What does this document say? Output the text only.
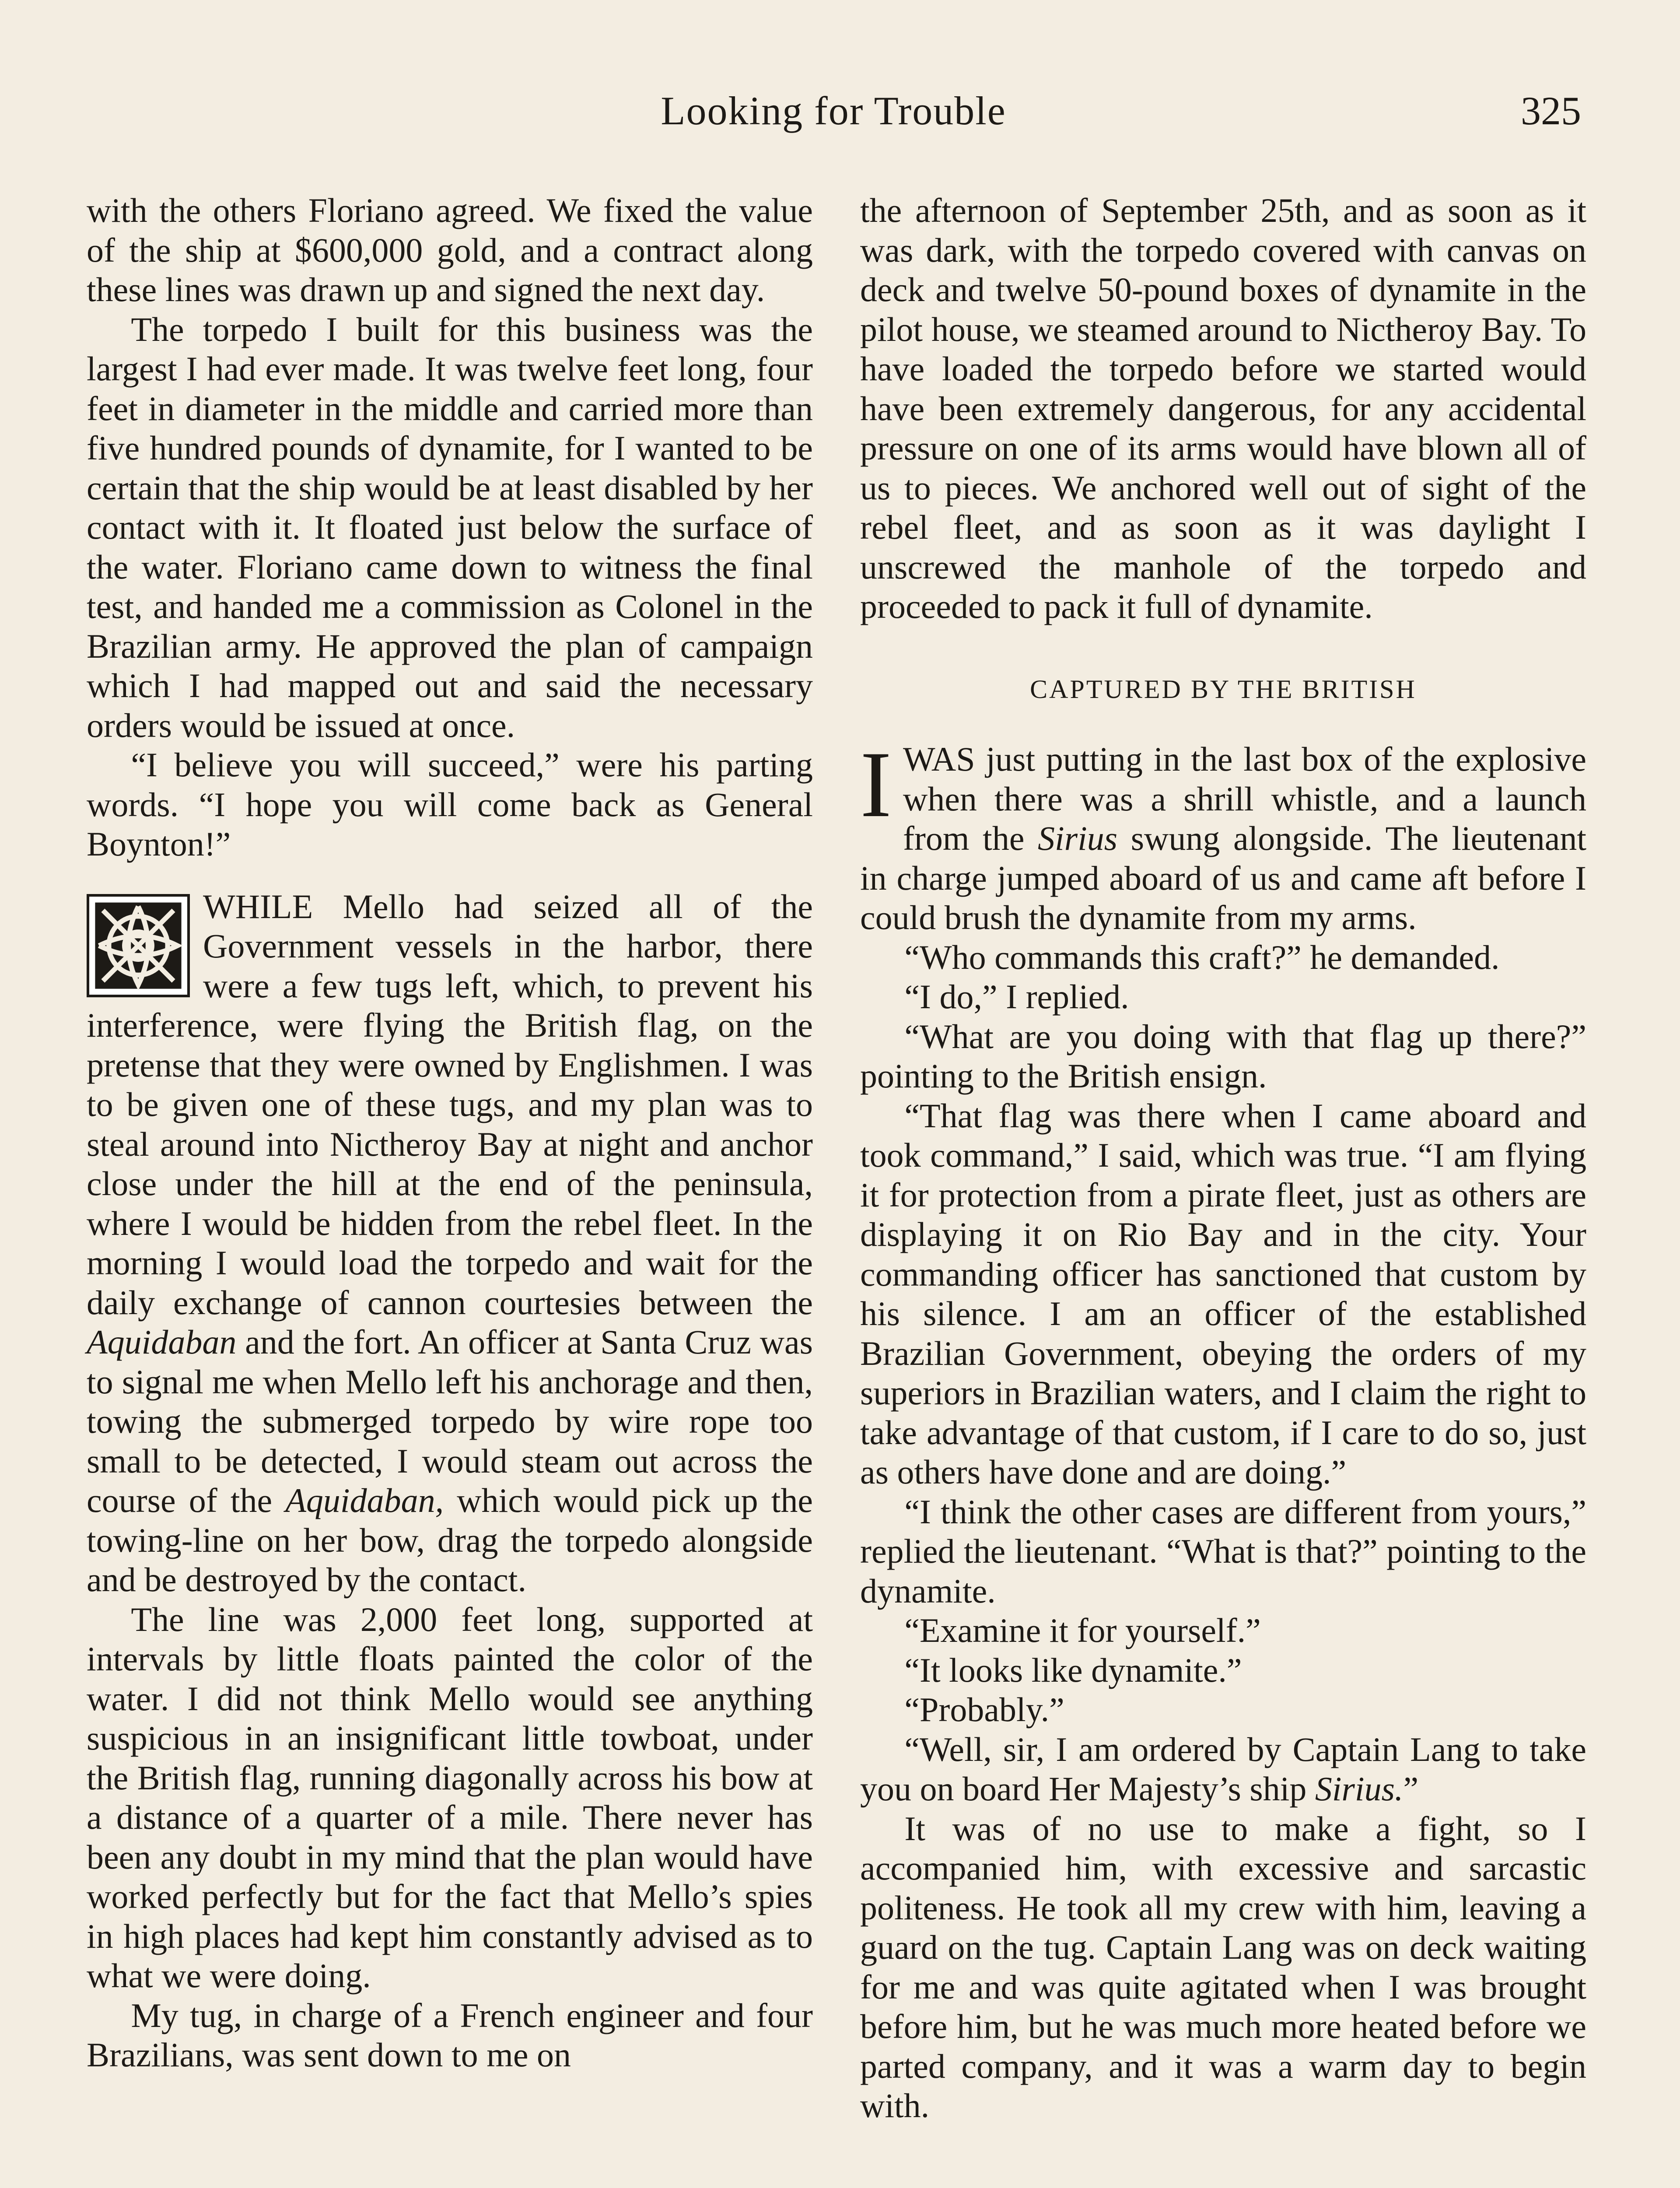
Looking for Trouble	325

with the others Floriano agreed. We fixed the value of the ship at $600,000 gold, and a contract along these lines was drawn up and signed the next day.

The torpedo I built for this business was the largest I had ever made. It was twelve feet long, four feet in diameter in the middle and carried more than five hundred pounds of dynamite, for I wanted to be certain that the ship would be at least disabled by her contact with it. It floated just below the surface of the water. Floriano came down to witness the final test, and handed me a commission as Colonel in the Brazilian army. He approved the plan of campaign which I had mapped out and said the necessary orders would be issued at once.

“I believe you will succeed,” were his parting words. “I hope you will come back as General Boynton!”

WHILE Mello had seized all of the Government vessels in the harbor, there were a few tugs left, which, to prevent his interference, were flying the British flag, on the pretense that they were owned by Englishmen. I was to be given one of these tugs, and my plan was to steal around into Nictheroy Bay at night and anchor close under the hill at the end of the peninsula, where I would be hidden from the rebel fleet. In the morning I would load the torpedo and wait for the daily exchange of cannon courtesies between the Aquidaban and the fort. An officer at Santa Cruz was to signal me when Mello left his anchorage and then, towing the submerged torpedo by wire rope too small to be detected, I would steam out across the course of the Aquidaban, which would pick up the towing-line on her bow, drag the torpedo alongside and be destroyed by the contact.

The line was 2,000 feet long, supported at intervals by little floats painted the color of the water. I did not think Mello would see anything suspicious in an insignificant little towboat, under the British flag, running diagonally across his bow at a distance of a quarter of a mile. There never has been any doubt in my mind that the plan would have worked perfectly but for the fact that Mello’s spies in high places had kept him constantly advised as to what we were doing.

My tug, in charge of a French engineer and four Brazilians, was sent down to me on

the afternoon of September 25th, and as soon as it was dark, with the torpedo covered with canvas on deck and twelve 50-pound boxes of dynamite in the pilot house, we steamed around to Nictheroy Bay. To have loaded the torpedo before we started would have been extremely dangerous, for any accidental pressure on one of its arms would have blown all of us to pieces. We anchored well out of sight of the rebel fleet, and as soon as it was daylight I unscrewed the manhole of the torpedo and proceeded to pack it full of dynamite.

CAPTURED BY THE BRITISH

I WAS just putting in the last box of the explosive when there was a shrill whistle, and a launch from the Sirius swung alongside. The lieutenant in charge jumped aboard of us and came aft before I could brush the dynamite from my arms.

“Who commands this craft?” he demanded.

“I do,” I replied.

“What are you doing with that flag up there?” pointing to the British ensign.

“That flag was there when I came aboard and took command,” I said, which was true. “I am flying it for protection from a pirate fleet, just as others are displaying it on Rio Bay and in the city. Your commanding officer has sanctioned that custom by his silence. I am an officer of the established Brazilian Government, obeying the orders of my superiors in Brazilian waters, and I claim the right to take advantage of that custom, if I care to do so, just as others have done and are doing.”

“I think the other cases are different from yours,” replied the lieutenant. “What is that?” pointing to the dynamite.

“Examine it for yourself.”

“It looks like dynamite.”

“Probably.”

“Well, sir, I am ordered by Captain Lang to take you on board Her Majesty’s ship Sirius.”

It was of no use to make a fight, so I accompanied him, with excessive and sarcastic politeness. He took all my crew with him, leaving a guard on the tug. Captain Lang was on deck waiting for me and was quite agitated when I was brought before him, but he was much more heated before we parted company, and it was a warm day to begin with.
